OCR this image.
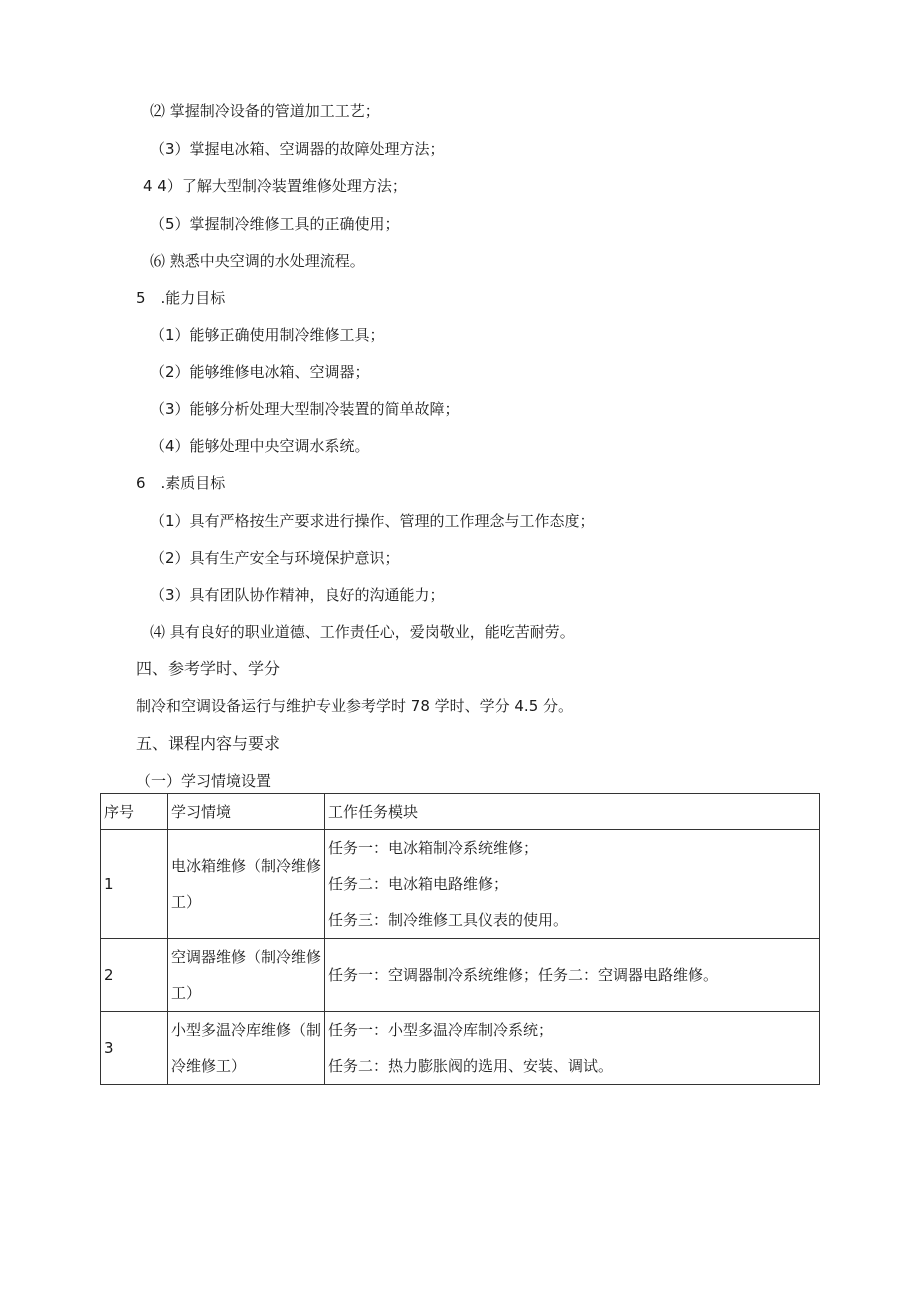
⑵ 掌握制冷设备的管道加工工艺；
（3）掌握电冰箱、空调器的故障处理方法；
4 4）了解大型制冷装置维修处理方法；
（5）掌握制冷维修工具的正确使用；
⑹ 熟悉中央空调的水处理流程。
5　.能力目标
（1）能够正确使用制冷维修工具；
（2）能够维修电冰箱、空调器；
（3）能够分析处理大型制冷装置的简单故障；
（4）能够处理中央空调水系统。
6　.素质目标
（1）具有严格按生产要求进行操作、管理的工作理念与工作态度；
（2）具有生产安全与环境保护意识；
（3）具有团队协作精神，良好的沟通能力；
⑷ 具有良好的职业道德、工作责任心，爱岗敬业，能吃苦耐劳。
四、参考学时、学分
制冷和空调设备运行与维护专业参考学时 78 学时、学分 4.5 分。
五、课程内容与要求
（一）学习情境设置
序号	学习情境	工作任务模块
1	电冰箱维修（制冷维修工）	任务一：电冰箱制冷系统维修；
任务二：电冰箱电路维修；
任务三：制冷维修工具仪表的使用。

2	空调器维修（制冷维修工）	任务一：空调器制冷系统维修；任务二：空调器电路维修。

3	小型多温冷库维修（制冷维修工）	任务一：小型多温冷库制冷系统；
任务二：热力膨胀阀的选用、安装、调试。
